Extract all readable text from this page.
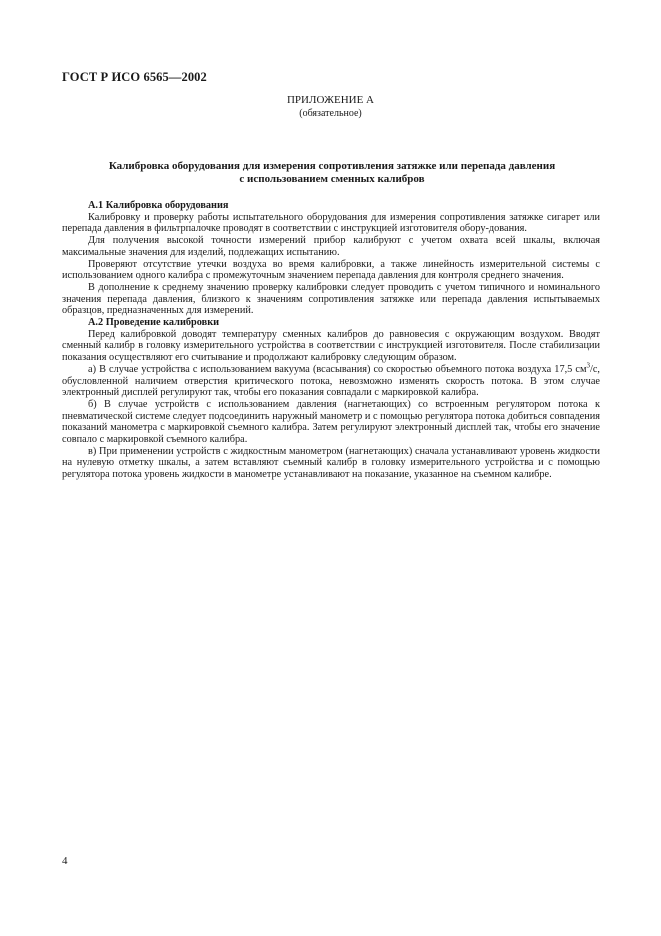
ГОСТ Р ИСО 6565—2002
ПРИЛОЖЕНИЕ А
(обязательное)
Калибровка оборудования для измерения сопротивления затяжке или перепада давления
с использованием сменных калибров
А.1 Калибровка оборудования

Калибровку и проверку работы испытательного оборудования для измерения сопротивления затяжке сигарет или перепада давления в фильтрпалочке проводят в соответствии с инструкцией изготовителя обору-дования.

Для получения высокой точности измерений прибор калибруют с учетом охвата всей шкалы, включая максимальные значения для изделий, подлежащих испытанию.

Проверяют отсутствие утечки воздуха во время калибровки, а также линейность измерительной системы с использованием одного калибра с промежуточным значением перепада давления для контроля среднего значения.

В дополнение к среднему значению проверку калибровки следует проводить с учетом типичного и номинального значения перепада давления, близкого к значениям сопротивления затяжке или перепада давления испытываемых образцов, предназначенных для измерений.

А.2 Проведение калибровки

Перед калибровкой доводят температуру сменных калибров до равновесия с окружающим воздухом. Вводят сменный калибр в головку измерительного устройства в соответствии с инструкцией изготовителя. После стабилизации показания осуществляют его считывание и продолжают калибровку следующим образом.

а) В случае устройства с использованием вакуума (всасывания) со скоростью объемного потока воздуха 17,5 $см^3/с$, обусловленной наличием отверстия критического потока, невозможно изменять скорость потока. В этом случае электронный дисплей регулируют так, чтобы его показания совпадали с маркировкой калибра.

б) В случае устройств с использованием давления (нагнетающих) со встроенным регулятором потока к пневматической системе следует подсоединить наружный манометр и с помощью регулятора потока добиться совпадения показаний манометра с маркировкой съемного калибра. Затем регулируют электронный дисплей так, чтобы его значение совпало с маркировкой съемного калибра.

в) При применении устройств с жидкостным манометром (нагнетающих) сначала устанавливают уровень жидкости на нулевую отметку шкалы, а затем вставляют съемный калибр в головку измерительного устройства и с помощью регулятора потока уровень жидкости в манометре устанавливают на показание, указанное на съемном калибре.

4
